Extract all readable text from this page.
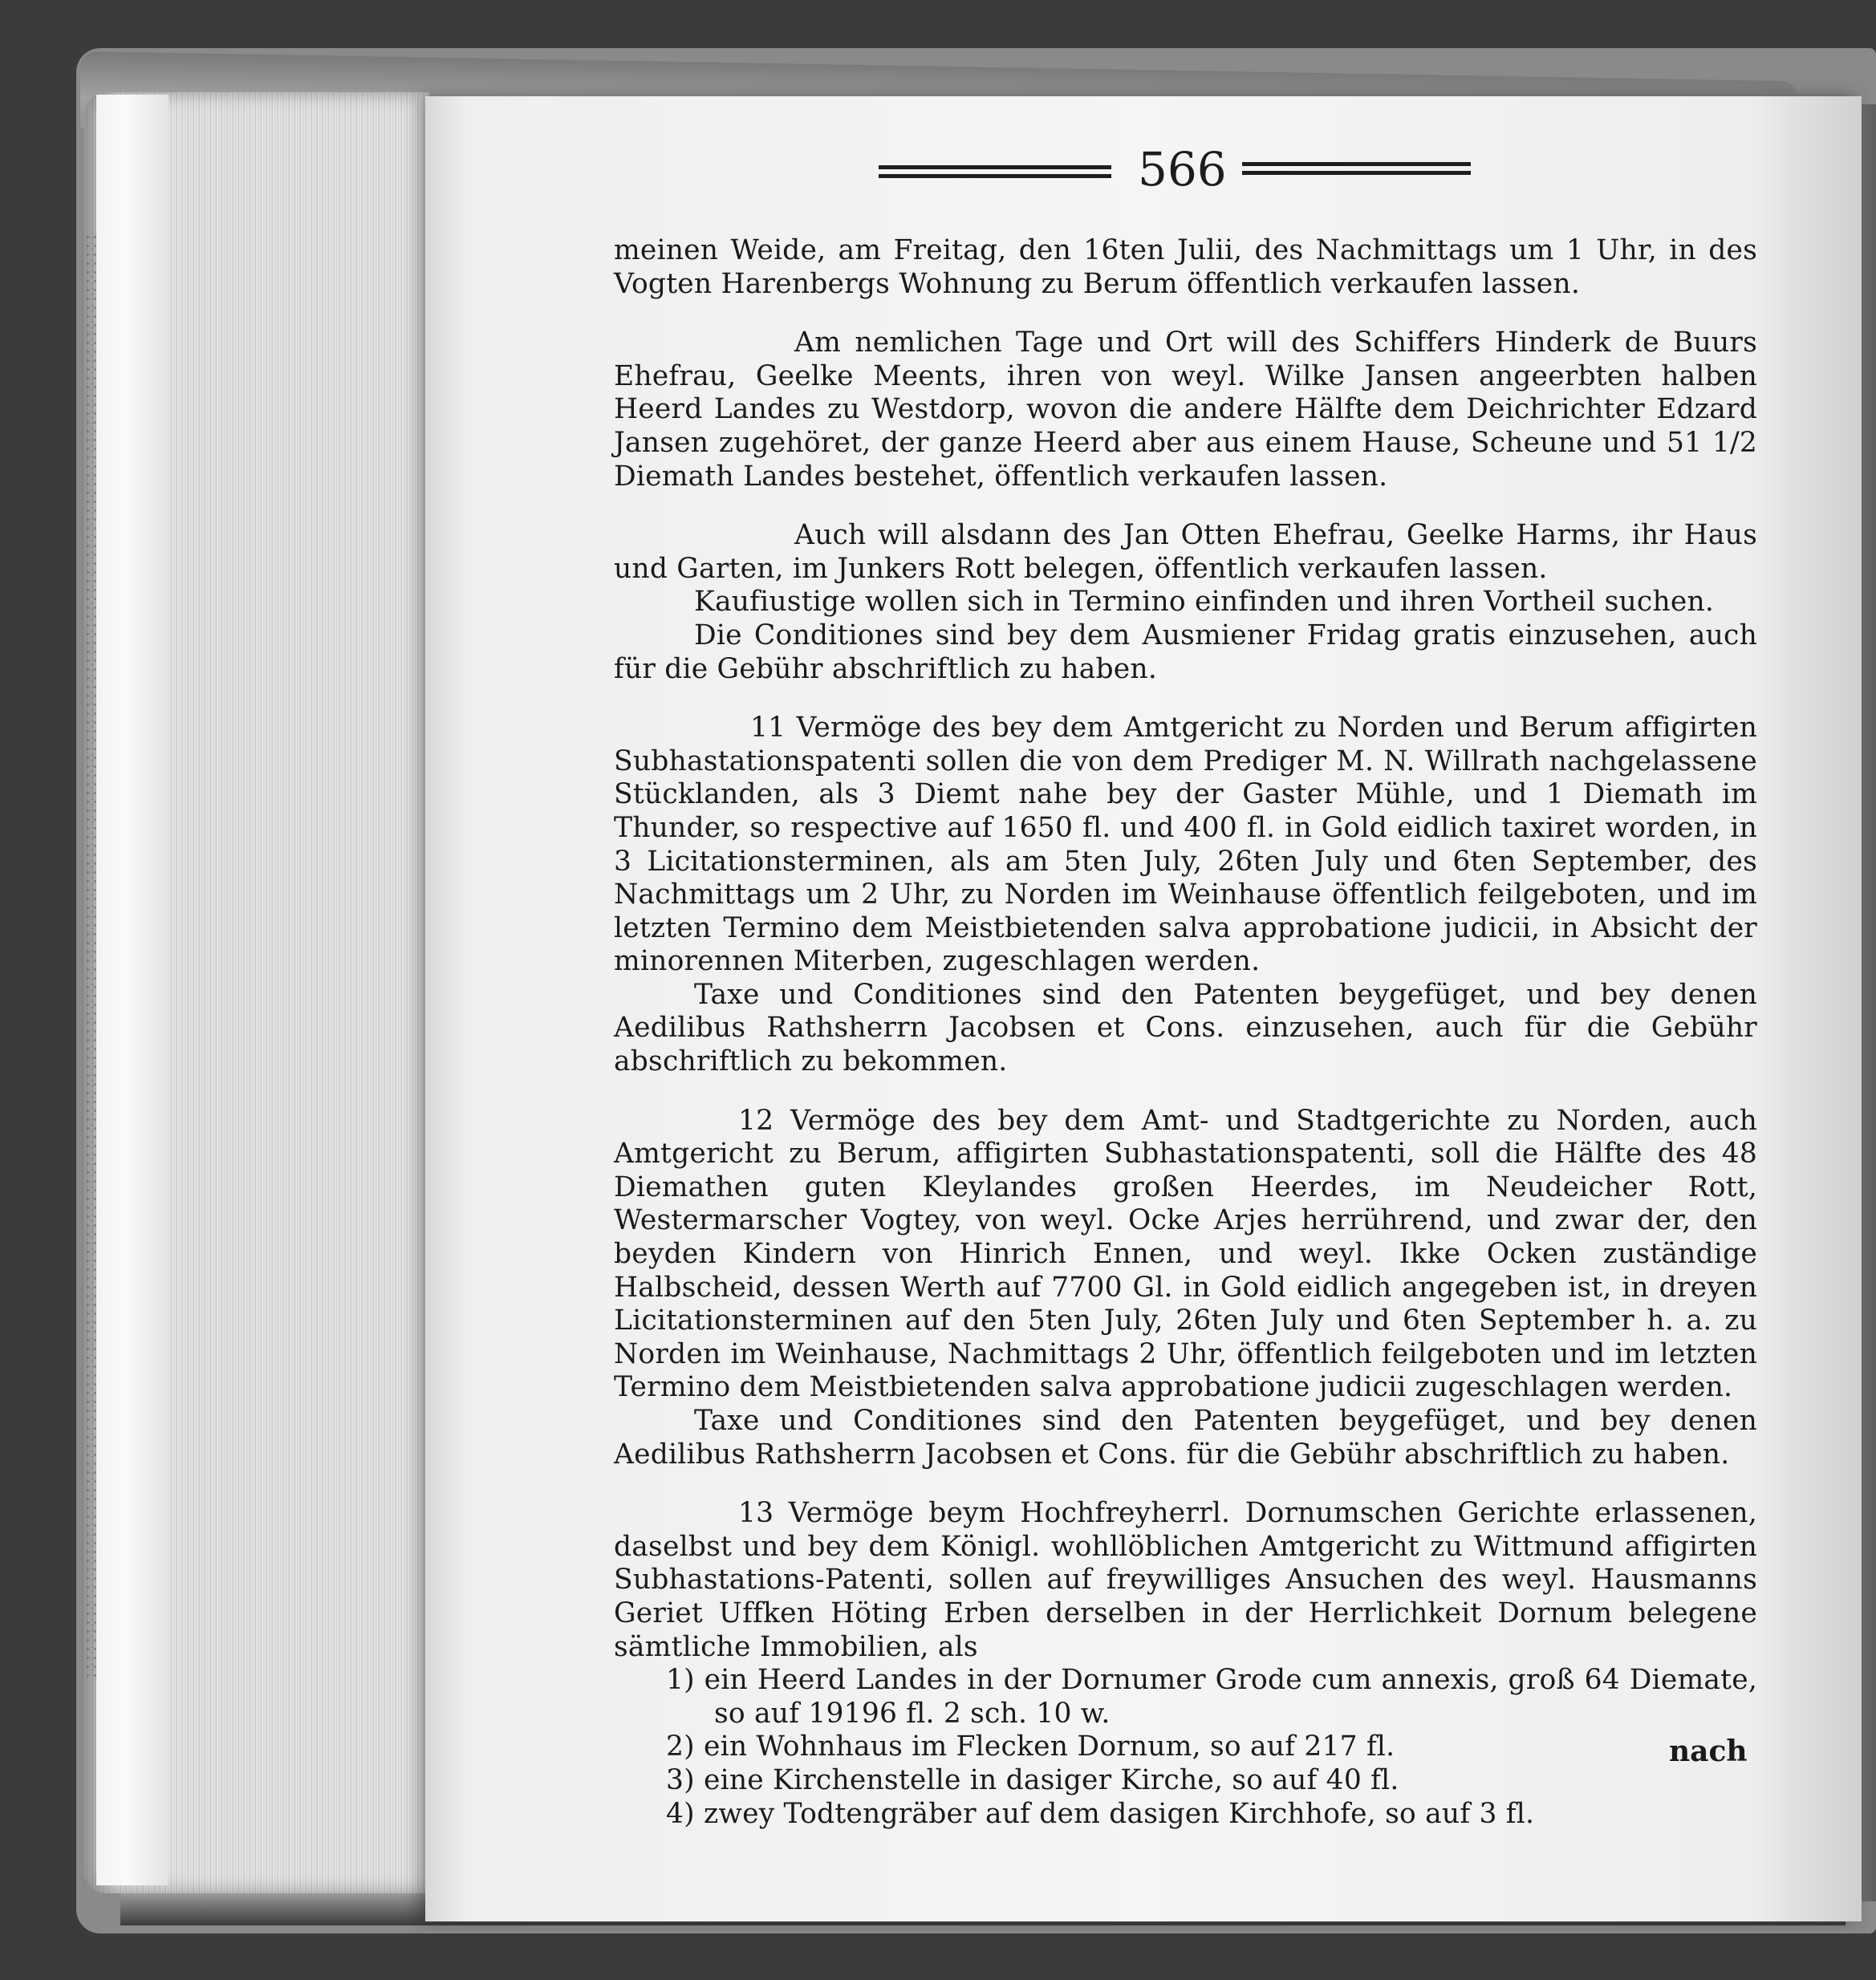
566

meinen Weide, am Freitag, den 16ten Julii, des Nachmittags um 1 Uhr, in des Vogten Harenbergs Wohnung zu Berum öffentlich verkaufen lassen.

Am nemlichen Tage und Ort will des Schiffers Hinderk de Buurs Ehefrau, Geelke Meents, ihren von weyl. Wilke Jansen angeerbten halben Heerd Landes zu Westdorp, wovon die andere Hälfte dem Deichrichter Edzard Jansen zugehöret, der ganze Heerd aber aus einem Hause, Scheune und 51 1/2 Diemath Landes bestehet, öffentlich verkaufen lassen.

Auch will alsdann des Jan Otten Ehefrau, Geelke Harms, ihr Haus und Garten, im Junkers Rott belegen, öffentlich verkaufen lassen.

Kaufiustige wollen sich in Termino einfinden und ihren Vortheil suchen.

Die Conditiones sind bey dem Ausmiener Fridag gratis einzusehen, auch für die Gebühr abschriftlich zu haben.

11 Vermöge des bey dem Amtgericht zu Norden und Berum affigirten Subhastationspatenti sollen die von dem Prediger M. N. Willrath nachgelassene Stücklanden, als 3 Diemt nahe bey der Gaster Mühle, und 1 Diemath im Thunder, so respective auf 1650 fl. und 400 fl. in Gold eidlich taxiret worden, in 3 Licitationsterminen, als am 5ten July, 26ten July und 6ten September, des Nachmittags um 2 Uhr, zu Norden im Weinhause öffentlich feilgeboten, und im letzten Termino dem Meistbietenden salva approbatione judicii, in Absicht der minorennen Miterben, zugeschlagen werden.

Taxe und Conditiones sind den Patenten beygefüget, und bey denen Aedilibus Rathsherrn Jacobsen et Cons. einzusehen, auch für die Gebühr abschriftlich zu bekommen.

12 Vermöge des bey dem Amt- und Stadtgerichte zu Norden, auch Amtgericht zu Berum, affigirten Subhastationspatenti, soll die Hälfte des 48 Diemathen guten Kleylandes großen Heerdes, im Neudeicher Rott, Westermarscher Vogtey, von weyl. Ocke Arjes herrührend, und zwar der, den beyden Kindern von Hinrich Ennen, und weyl. Ikke Ocken zuständige Halbscheid, dessen Werth auf 7700 Gl. in Gold eidlich angegeben ist, in dreyen Licitationsterminen auf den 5ten July, 26ten July und 6ten September h. a. zu Norden im Weinhause, Nachmittags 2 Uhr, öffentlich feilgeboten und im letzten Termino dem Meistbietenden salva approbatione judicii zugeschlagen werden.

Taxe und Conditiones sind den Patenten beygefüget, und bey denen Aedilibus Rathsherrn Jacobsen et Cons. für die Gebühr abschriftlich zu haben.

13 Vermöge beym Hochfreyherrl. Dornumschen Gerichte erlassenen, daselbst und bey dem Königl. wohllöblichen Amtgericht zu Wittmund affigirten Subhastations-Patenti, sollen auf freywilliges Ansuchen des weyl. Hausmanns Geriet Uffken Höting Erben derselben in der Herrlichkeit Dornum belegene sämtliche Immobilien, als

1) ein Heerd Landes in der Dornumer Grode cum annexis, groß 64 Diemate, so auf 19196 fl. 2 sch. 10 w.
2) ein Wohnhaus im Flecken Dornum, so auf 217 fl.
3) eine Kirchenstelle in dasiger Kirche, so auf 40 fl.
4) zwey Todtengräber auf dem dasigen Kirchhofe, so auf 3 fl.
nach
